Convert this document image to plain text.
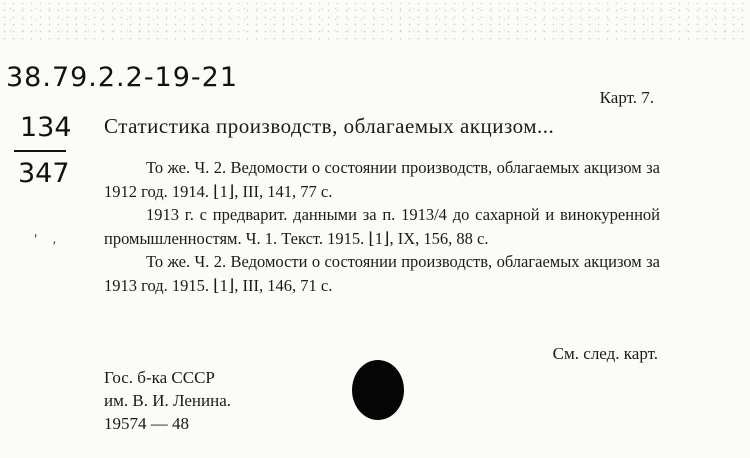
38.79.2.2-19-21
134
347
'    ,
Карт. 7.
Статистика производств, облагаемых акцизом...

То же. Ч. 2. Ведомости о состоянии производств, облагаемых акцизом за 1912 год. 1914. ⌊1⌋, III, 141, 77 с.

1913 г. с предварит. данными за п. 1913/4 до сахарной и винокуренной промышленностям. Ч. 1. Текст. 1915. ⌊1⌋, IX, 156, 88 с.

То же. Ч. 2. Ведомости о состоянии производств, облагаемых акцизом за 1913 год. 1915. ⌊1⌋, III, 146, 71 с.

См. след. карт.
Гос. б-ка СССР
им. В. И. Ленина.
19574 — 48
